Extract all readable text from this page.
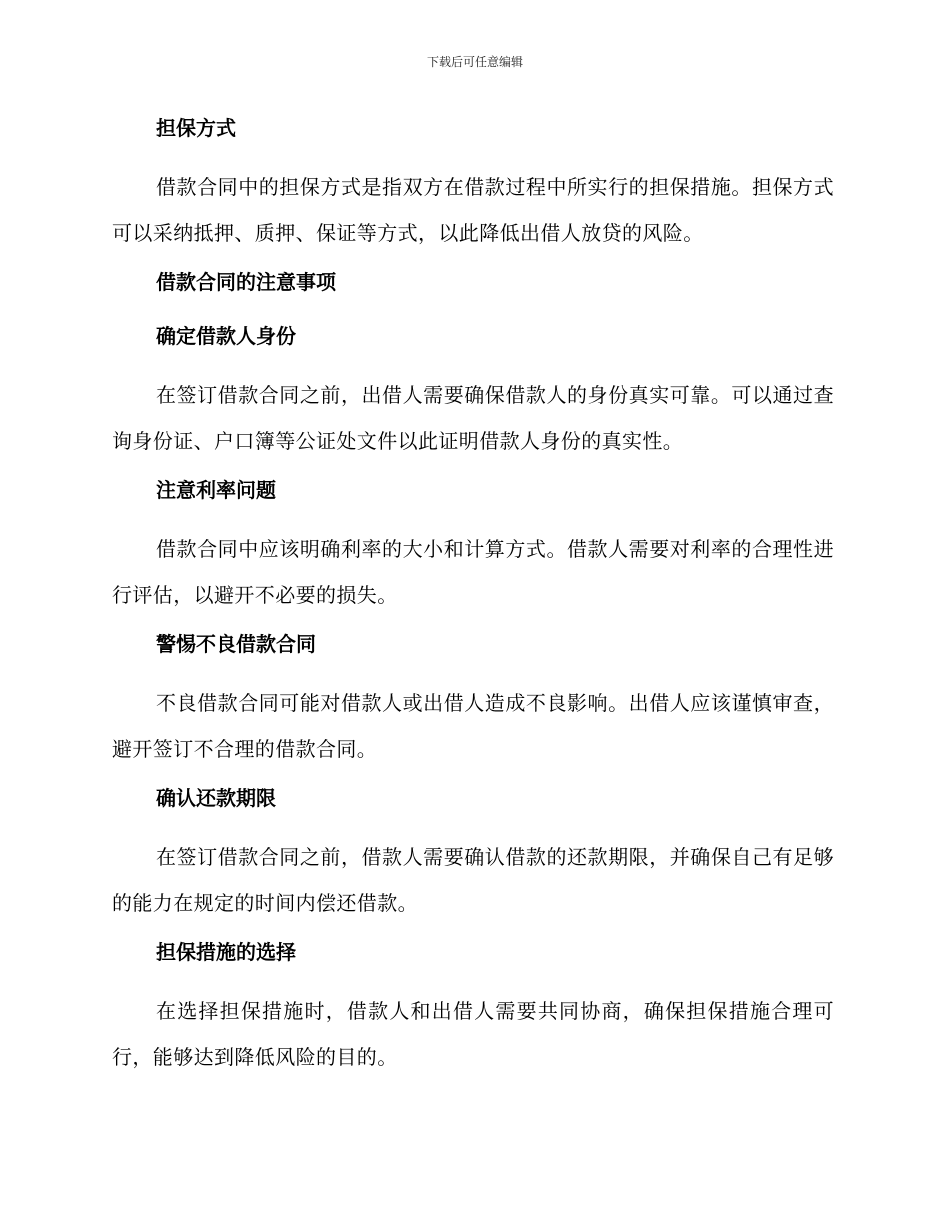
下载后可任意编辑
担保方式

借款合同中的担保方式是指双方在借款过程中所实行的担保措施。担保方式可以采纳抵押、质押、保证等方式，以此降低出借人放贷的风险。

借款合同的注意事项
确定借款人身份

在签订借款合同之前，出借人需要确保借款人的身份真实可靠。可以通过查询身份证、户口簿等公证处文件以此证明借款人身份的真实性。

注意利率问题

借款合同中应该明确利率的大小和计算方式。借款人需要对利率的合理性进行评估，以避开不必要的损失。

警惕不良借款合同

不良借款合同可能对借款人或出借人造成不良影响。出借人应该谨慎审查，避开签订不合理的借款合同。

确认还款期限

在签订借款合同之前，借款人需要确认借款的还款期限，并确保自己有足够的能力在规定的时间内偿还借款。

担保措施的选择

在选择担保措施时，借款人和出借人需要共同协商，确保担保措施合理可行，能够达到降低风险的目的。
